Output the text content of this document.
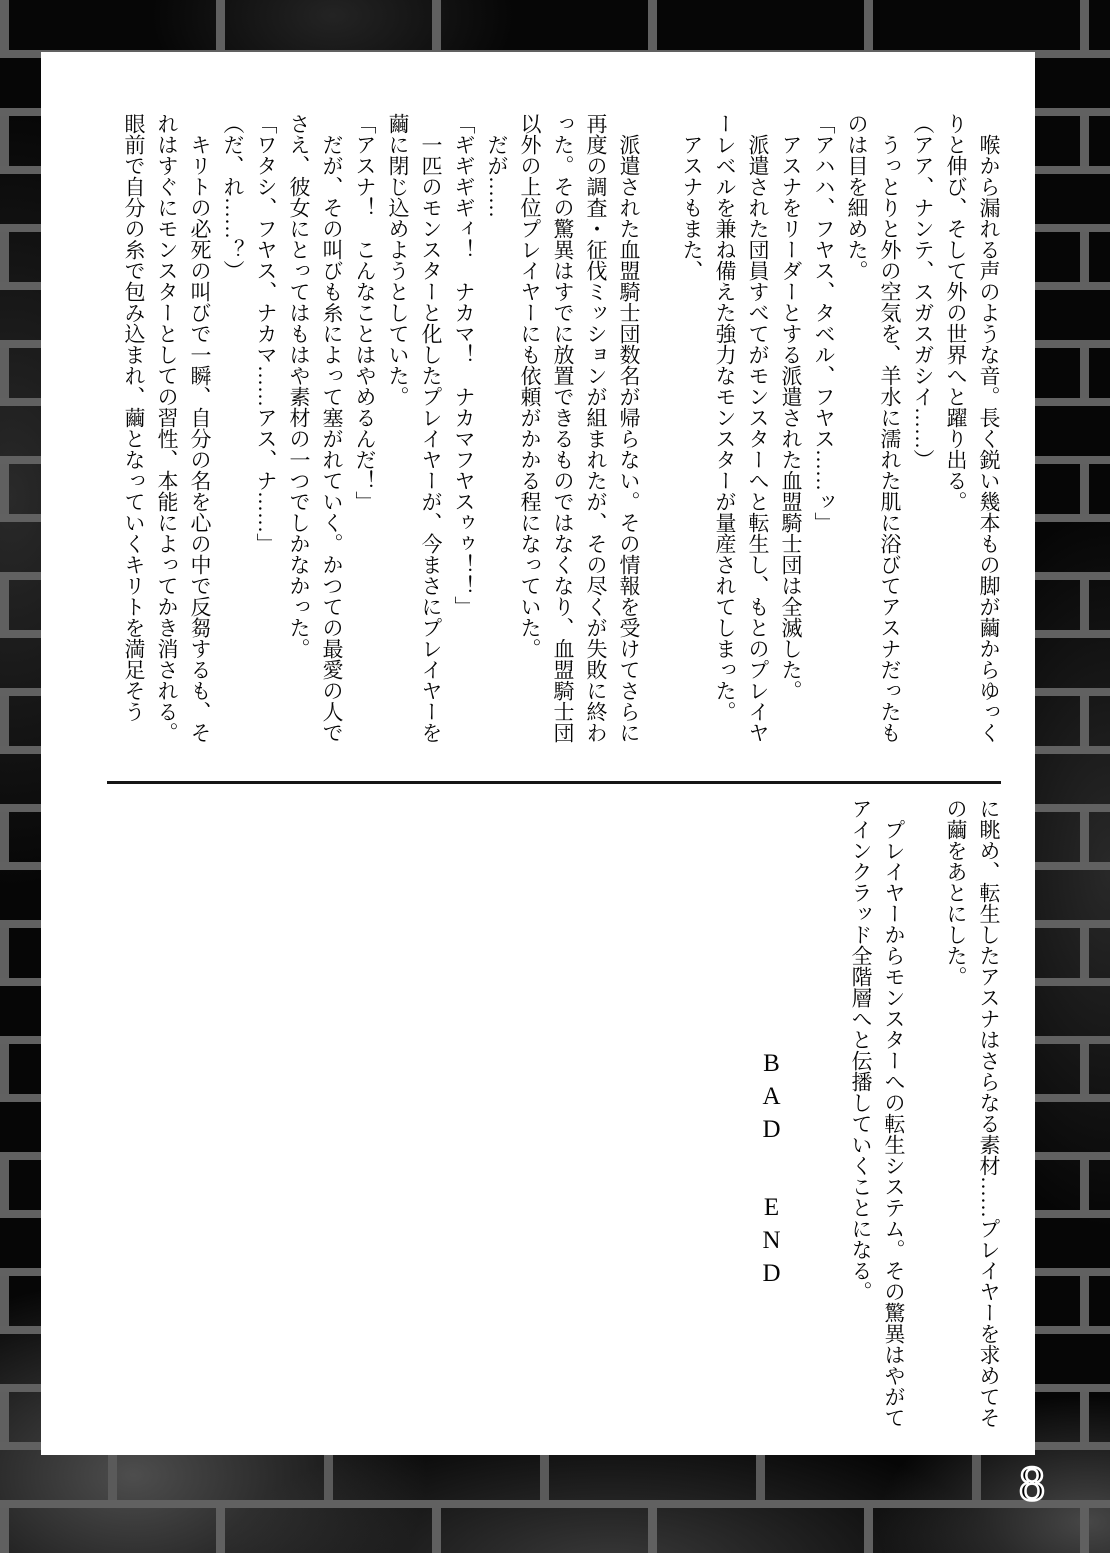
喉から漏れる声のような音。長く鋭い幾本もの脚が繭からゆっくりと伸び、そして外の世界へと躍り出る。

（アア、ナンテ、スガスガシイ……）

うっとりと外の空気を、羊水に濡れた肌に浴びてアスナだったものは目を細めた。

「アハハ、フヤス、タベル、フヤス……ッ」

アスナをリーダーとする派遣された血盟騎士団は全滅した。

派遣された団員すべてがモンスターへと転生し、もとのプレイヤーレベルを兼ね備えた強力なモンスターが量産されてしまった。

アスナもまた、

派遣された血盟騎士団数名が帰らない。その情報を受けてさらに再度の調査・征伐ミッションが組まれたが、その尽くが失敗に終わった。その驚異はすでに放置できるものではなくなり、血盟騎士団以外の上位プレイヤーにも依頼がかかる程になっていた。

だが……

「ギギギギィ！　ナカマ！　ナカマフヤスゥゥ！！」

一匹のモンスターと化したプレイヤーが、今まさにプレイヤーを繭に閉じ込めようとしていた。

「アスナ！　こんなことはやめるんだ！」

だが、その叫びも糸によって塞がれていく。かつての最愛の人でさえ、彼女にとってはもはや素材の一つでしかなかった。

「ワタシ、フヤス、ナカマ……アス、ナ……」

（だ、れ……？）

キリトの必死の叫びで一瞬、自分の名を心の中で反芻するも、それはすぐにモンスターとしての習性、本能によってかき消される。眼前で自分の糸で包み込まれ、繭となっていくキリトを満足そう

に眺め、転生したアスナはさらなる素材……プレイヤーを求めてその繭をあとにした。

プレイヤーからモンスターへの転生システム。その驚異はやがてアインクラッド全階層へと伝播していくことになる。

BAD END

8
